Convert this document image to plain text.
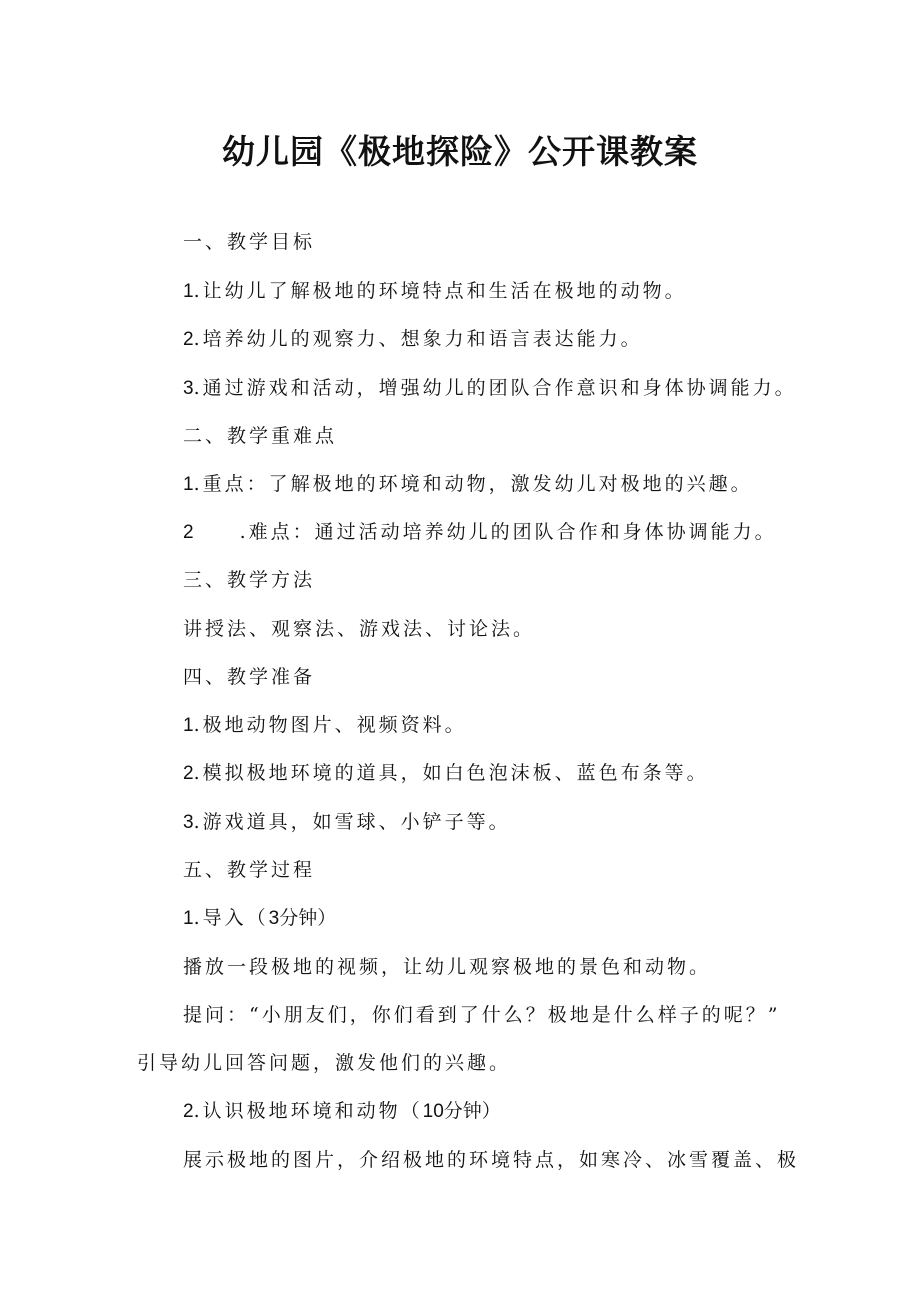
幼儿园《极地探险》公开课教案
一、教学目标
1.让幼儿了解极地的环境特点和生活在极地的动物。
2.培养幼儿的观察力、想象力和语言表达能力。
3.通过游戏和活动，增强幼儿的团队合作意识和身体协调能力。
二、教学重难点
1.重点：了解极地的环境和动物，激发幼儿对极地的兴趣。
2 .难点：通过活动培养幼儿的团队合作和身体协调能力。
三、教学方法
讲授法、观察法、游戏法、讨论法。
四、教学准备
1.极地动物图片、视频资料。
2.模拟极地环境的道具，如白色泡沫板、蓝色布条等。
3.游戏道具，如雪球、小铲子等。
五、教学过程
1.导入（3分钟）
播放一段极地的视频，让幼儿观察极地的景色和动物。
提问：“小朋友们，你们看到了什么？极地是什么样子的呢？”
引导幼儿回答问题，激发他们的兴趣。
2.认识极地环境和动物（10分钟）
展示极地的图片，介绍极地的环境特点，如寒冷、冰雪覆盖、极
